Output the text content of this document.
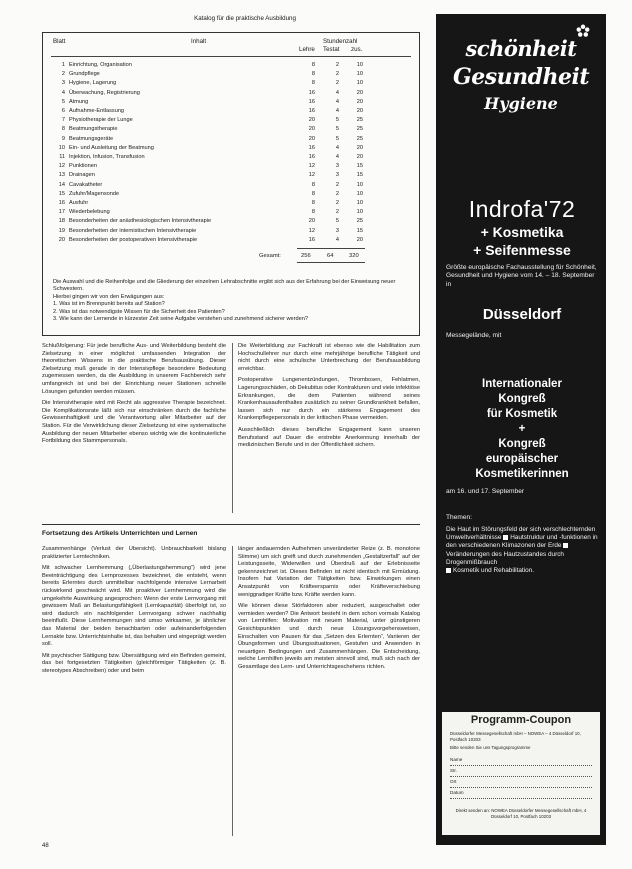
Katalog für die praktische Ausbildung
Blatt	Inhalt	Stundenzahl
Lehre Testat zus.
1 Einrichtung, Organisation	8	2	10
2 Grundpflege	8	2	10
3 Hygiene, Lagerung	8	2	10
4 Überwachung, Registrierung	16	4	20
5 Atmung	16	4	20
6 Aufnahme-Entlassung	16	4	20
7 Physiotherapie der Lunge	20	5	25
8 Beatmungstherapie	20	5	25
9 Beatmungsgeräte	20	5	25
10 Ein- und Ausleitung der Beatmung	16	4	20
11 Injektion, Infusion, Transfusion	16	4	20
12 Punktionen	12	3	15
13 Drainagen	12	3	15
14 Cavakatheter	8	2	10
15 Zufuhr/Magensonde	8	2	10
16 Ausfuhr	8	2	10
17 Wiederbelebung	8	2	10
18 Besonderheiten der anästhesiologischen Intensivtherapie	20	5	25
19 Besonderheiten der internistischen Intensivtherapie	12	3	15
20 Besonderheiten der postoperativen Intensivtherapie	16	4	20
Gesamt:	256	64	320

Die Auswahl und die Reihenfolge und die Gliederung der einzelnen Lehrabschnitte ergibt sich aus der Erfahrung bei der Einweisung neuer Schwestern.

Hierbei gingen wir von den Erwägungen aus:

1. Was ist im Brennpunkt bereits auf Station?

2. Was ist das notwendigste Wissen für die Sicherheit des Patienten?

3. Wie kann der Lernende in kürzester Zeit seine Aufgabe verstehen und zunehmend sicherer werden?

Schlußfolgerung: Für jede berufliche Aus- und Weiterbildung besteht die Zielsetzung in einer möglichst umfassenden Integration der theoretischen Wissens in die praktische Berufsausübung. Dieser Zielsetzung muß gerade in der Intensivpflege besondere Bedeutung zugemessen werden, da die Ausbildung in unserem Fachbereich sehr umfangreich ist und bei der Einrichtung neuer Stationen schnelle Lösungen gefunden werden müssen.

Die Intensivtherapie wird mit Recht als aggressive Therapie bezeichnet. Die Komplikationsrate läßt sich nur einschränken durch die fachliche Gewissenhaftigkeit und die Verantwortung aller Mitarbeiter auf der Station. Für die Verwirklichung dieser Zielsetzung ist eine systematische Ausbildung der neuen Mitarbeiter ebenso wichtig wie die kontinuierliche Fortbildung des Stammpersonals.

Die Weiterbildung zur Fachkraft ist ebenso wie die Habilitation zum Hochschullehrer nur durch eine mehrjährige berufliche Tätigkeit und nicht durch eine schulische Unterbrechung der Berufsausbildung erreichbar.

Postoperative Lungenentzündungen, Thrombosen, Fehlatmen, Lagerungsschäden, ob Dekubitus oder Kontrakturen und viele infektiöse Erkrankungen, die dem Patienten während seines Krankenhausaufenthaltes zusätzlich zu seiner Grundkrankheit befallen, lassen sich nur durch ein stärkeres Engagement des Krankenpflegepersonals in der kritischen Phase vermeiden.

Ausschließlich dieses berufliche Engagement kann unseren Berufsstand auf Dauer die erstrebte Anerkennung innerhalb der medizinischen Berufe und in der Öffentlichkeit sichern.

Fortsetzung des Artikels Unterrichten und Lernen

Zusammenhänge (Verlust der Übersicht). Unbrauchbarkeit bislang praktizierter Lerntechniken.

Mit schwacher Lernhemmung („Überlastungshemmung“) wird jene Beeinträchtigung des Lernprozesses bezeichnet, die entsteht, wenn bereits Erlerntes durch unmittelbar nachfolgende intensive Lernarbeit rückwirkend geschwächt wird. Mit proaktiver Lernhemmung wird die umgekehrte Auswirkung angesprochen: Wenn der erste Lernvorgang mit gewissem Maß an Belastungsfähigkeit (Lernkapazität) überfolgt ist, so wird dadurch ein nachfolgender Lernvorgang schwer nachhaltig beeinflußt. Diese Lernhemmungen sind umso wirksamer, je ähnlicher das Material der beiden benachbarten oder aufeinanderfolgenden Lernakte bzw. Unterrichtsinhalte ist, das behalten und eingeprägt werden soll.

Mit psychischer Sättigung bzw. Übersättigung wird ein Befinden gemeint, das bei fortgesetzten Tätigkeiten (gleichförmiger Tätigkeiten (z. B. stereotypes Abschreiben) oder und beim

länger andauernden Aufnehmen unveränderter Reize (z. B. monotone Stimme) um sich greift und durch zunehmenden „Gestaltzerfall“ auf der Leistungsseite, Widerwillen und Überdruß auf der Erlebnisseite gekennzeichnet ist. Dieses Befinden ist nicht identisch mit Ermüdung. Insofern hat Variation der Tätigkeiten bzw. Einwirkungen einen Ansatzpunkt von Kräfteersparnis oder Kräfteverschiebung weniggradiger Kräfte bzw. Kräfte werden kann.

Wie können diese Störfaktoren aber reduziert, ausgeschaltet oder vermieden werden? Die Antwort besteht in dem schon vormals Katalog von Lernhilfen: Motivation mit neuem Material, unter günstigeren Gesichtspunkten und durch neue Lösungsvorgehensweisen, Einschalten von Pausen für das „Setzen des Erlernten“, Variieren der Übungsformen und Übungssituationen, Gestufen und Anwenden in neuartigen Bedingungen und Zusammenhängen. Die Entscheidung, welche Lernhilfen jeweils am meisten sinnvoll sind, muß sich nach der Gesamtlage des Lern- und Unterrichtsgeschehens richten.

48
schönheit
Gesundheit
Hygiene
Indrofa'72
+ Kosmetika
+ Seifenmesse
Größte europäische Fachausstellung für Schönheit, Gesundheit und Hygiene vom 14. – 18. September in
Düsseldorf
Messegelände, mit
Internationaler
Kongreß
für Kosmetik
+
Kongreß
europäischer
Kosmetikerinnen
am 16. und 17. September
Themen:
Die Haut im Störungsfeld der sich verschlechternden Umweltverhältnisse Hautstruktur und -funktionen in den verschiedenen Klimazonen der Erde Veränderungen des Hautzustandes durch Drogenmißbrauch
Kosmetik und Rehabilitation.
Programm-Coupon
Düsseldorfer Messegesellschaft mbH – NOWEA – 4 Düsseldorf 10, Postfach 10203
Bitte senden Sie uns Tagungsprogramme
Name
Str.
Ort
Datum
Direkt senden an: NOWEA Düsseldorfer Messegesellschaft mbH, 4 Düsseldorf 10, Postfach 10203
